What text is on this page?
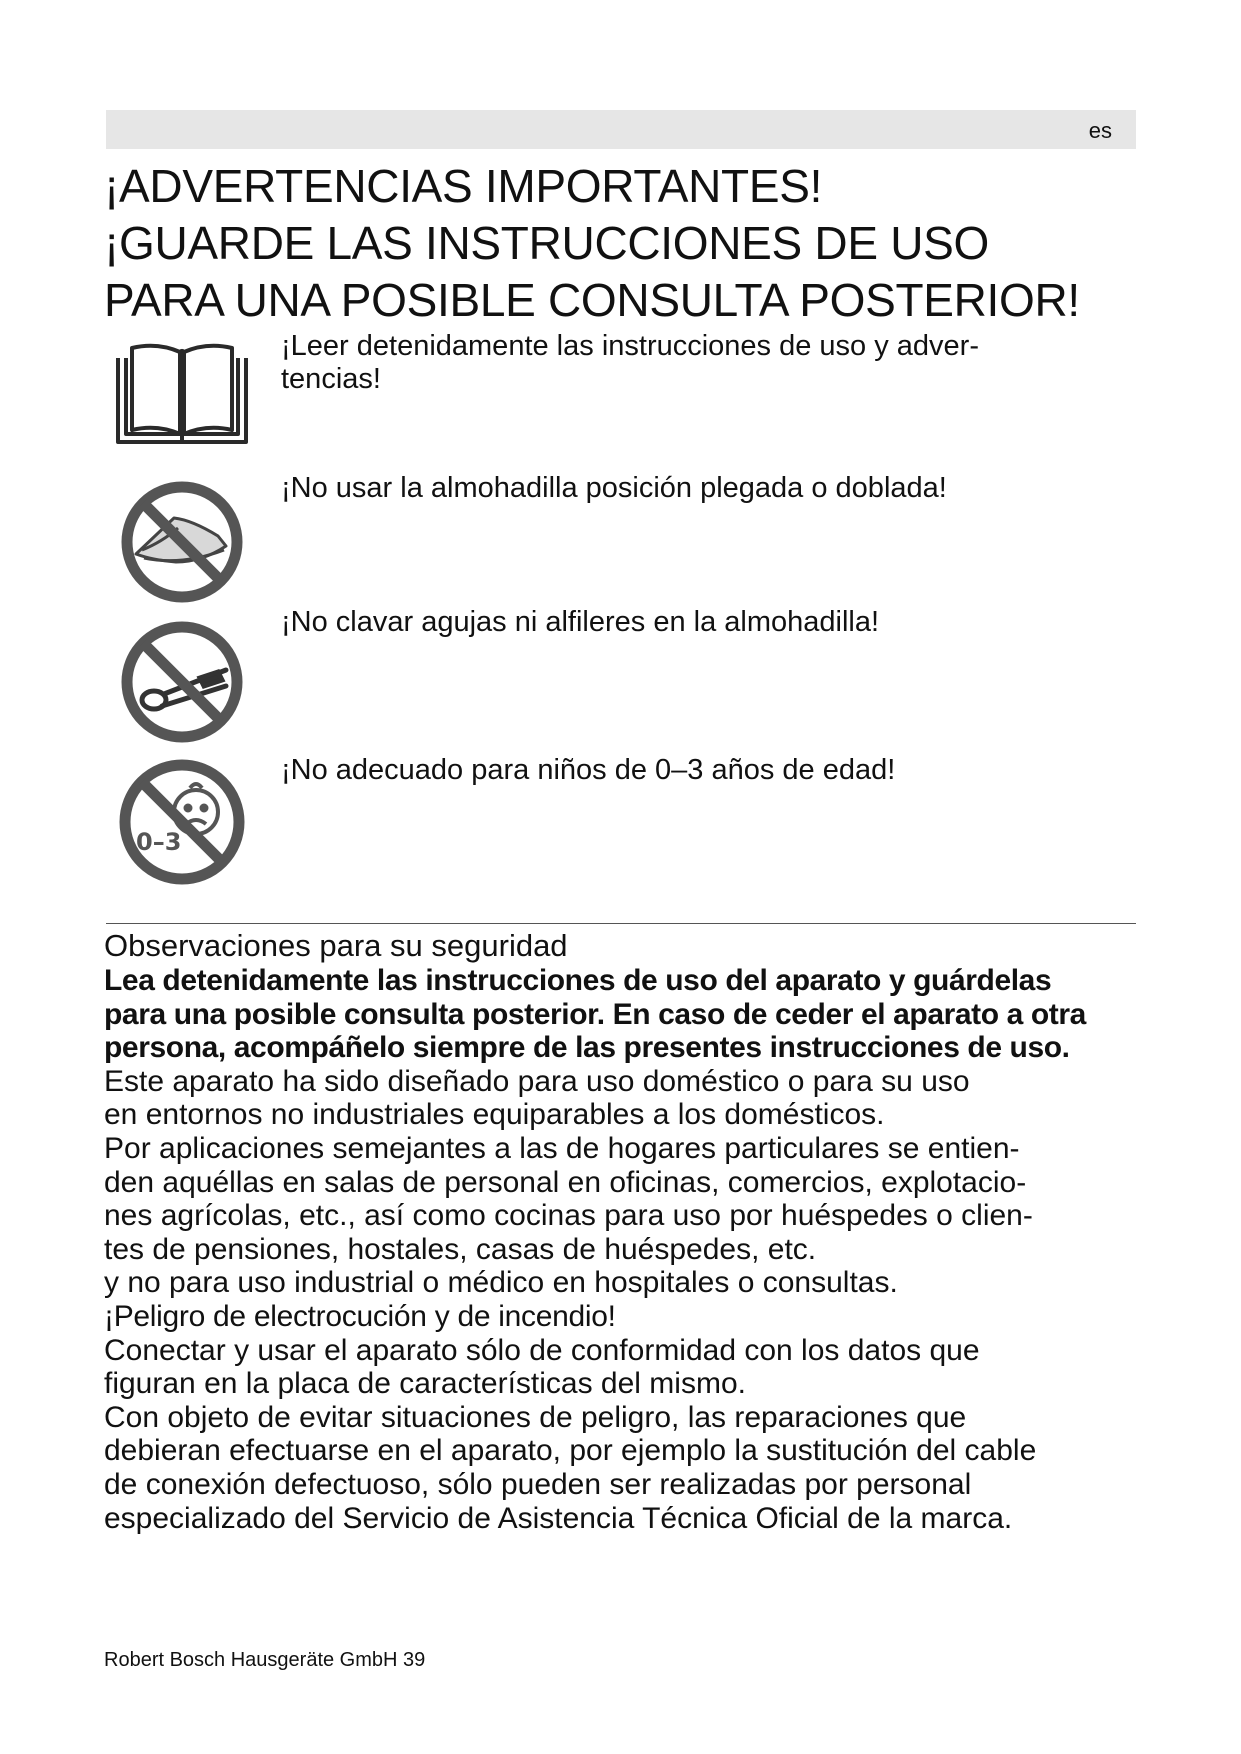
es
¡ADVERTENCIAS IMPORTANTES!
¡GUARDE LAS INSTRUCCIONES DE USO
PARA UNA POSIBLE CONSULTA POSTERIOR!
¡Leer detenidamente las instrucciones de uso y adver-
tencias!
¡No usar la almohadilla posición plegada o doblada!
¡No clavar agujas ni alfileres en la almohadilla!
0–3
¡No adecuado para niños de 0–3 años de edad!
Observaciones para su seguridad
Lea detenidamente las instrucciones de uso del aparato y guárdelas
para una posible consulta posterior. En caso de ceder el aparato a otra
persona, acompáñelo siempre de las presentes instrucciones de uso.
Este aparato ha sido diseñado para uso doméstico o para su uso
en entornos no industriales equiparables a los domésticos.
Por aplicaciones semejantes a las de hogares particulares se entien-
den aquéllas en salas de personal en oficinas, comercios, explotacio-
nes agrícolas, etc., así como cocinas para uso por huéspedes o clien-
tes de pensiones, hostales, casas de huéspedes, etc.
y no para uso industrial o médico en hospitales o consultas.
¡Peligro de electrocución y de incendio!
Conectar y usar el aparato sólo de conformidad con los datos que
figuran en la placa de características del mismo.
Con objeto de evitar situaciones de peligro, las reparaciones que
debieran efectuarse en el aparato, por ejemplo la sustitución del cable
de conexión defectuoso, sólo pueden ser realizadas por personal
especializado del Servicio de Asistencia Técnica Oficial de la marca.
Robert Bosch Hausgeräte GmbH 39
